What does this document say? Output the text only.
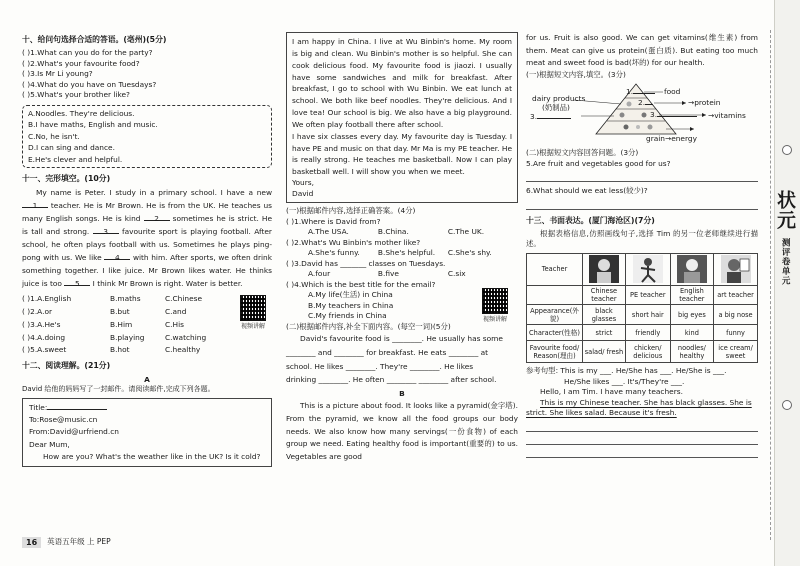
十、给问句选择合适的答语。(亳州)(5分)
( )1.What can you do for the party?
( )2.What's your favourite food?
( )3.Is Mr Li young?
( )4.What do you have on Tuesdays?
( )5.What's your brother like?
A.Noodles. They're delicious.
B.I have maths, English and music.
C.No, he isn't.
D.I can sing and dance.
E.He's clever and helpful.
十一、完形填空。(10分)
My name is Peter. I study in a primary school. I have a new 1 teacher. He is Mr Brown. He is from the UK. He teaches us many English songs. He is kind 2 sometimes he is strict. He is tall and strong. 3 favourite sport is playing football. After school, he often plays football with us. Sometimes he plays ping-pong with us. We like 4 with him. After sports, we often drink something together. I like juice. Mr Brown likes water. He thinks juice is too 5 I think Mr Brown is right. Water is better.
( )1.A.English	B.maths	C.Chinese
( )2.A.or	B.but	C.and
( )3.A.He's	B.Him	C.His
( )4.A.doing	B.playing	C.watching
( )5.A.sweet	B.hot	C.healthy
视频讲解
十二、阅读理解。(21分)
A
David 给他的妈妈写了一封邮件。请阅读邮件,完成下列各题。
Title:
To:Rose@music.cn
From:David@urfriend.cn
Dear Mum,
How are you? What's the weather like in the UK? Is it cold?
I am happy in China. I live at Wu Binbin's home. My room is big and clean. Wu Binbin's mother is so helpful. She can cook delicious food. My favourite food is jiaozi. I usually have some sandwiches and milk for breakfast. After breakfast, I go to school with Wu Binbin. We eat lunch at school. We both like beef noodles. They're delicious. And I love tea! Our school is big. We also have a big playground. We often play football there after school.
I have six classes every day. My favourite day is Tuesday. I have PE and music on that day. Mr Ma is my PE teacher. He is really strong. He teaches me basketball. Now I can play basketball well. I will show you when we meet.
Yours,
David
(一)根据邮件内容,选择正确答案。(4分)
( )1.Where is David from?
A.The USA.	B.China.	C.The UK.
( )2.What's Wu Binbin's mother like?
A.She's funny.	B.She's helpful.	C.She's shy.
( )3.David has _______ classes on Tuesdays.
A.four	B.five	C.six
( )4.Which is the best title for the email?
A.My life(生活) in China
B.My teachers in China
C.My friends in China	视频讲解
(二)根据邮件内容,补全下面内容。(每空一词)(5分)
David's favourite food is ________. He usually has some
________ and ________ for breakfast. He eats ________ at
school. He likes ________. They're ________. He likes
drinking ________. He often ________ ________ after school.
B
This is a picture about food. It looks like a pyramid(金字塔). From the pyramid, we know all the food groups our body needs. We also know how many servings(一份食物) of each group we need. Eating healthy food is important(重要的) to us. Vegetables are good
for us. Fruit is also good. We can get vitamins(维生素) from them. Meat can give us protein(蛋白质). But eating too much meat and sweet food is bad(坏的) for our health.
(一)根据短文内容,填空。(3分)
1.	food
→protein
2.
→vitamins
3.
dairy products
(奶制品)
3.
grain→energy
(二)根据短文内容回答问题。(3分)
5.Are fruit and vegetables good for us?
6.What should we eat less(较少)?
十三、书面表达。(厦门海沧区)(7分)
根据表格信息,仿照画线句子,选择 Tim 的另一位老师继续进行描述。
Teacher	

	Chinese teacher	PE teacher	English teacher	art teacher
Appearance(外貌)	black glasses	short hair	big eyes	a big nose
Character(性格)	strict	friendly	kind	funny
Favourite food/ Reason(理由)	salad/ fresh	chicken/ delicious	noodles/ healthy	ice cream/ sweet
参考句型: This is my ___. He/She has ___. He/She is ___.
He/She likes ___. It's/They're ___.
Hello, I am Tim. I have many teachers.
This is my Chinese teacher. She has black glasses. She is
strict. She likes salad. Because it's fresh.
16	英语五年级 上 PEP
状元
测评卷单元
